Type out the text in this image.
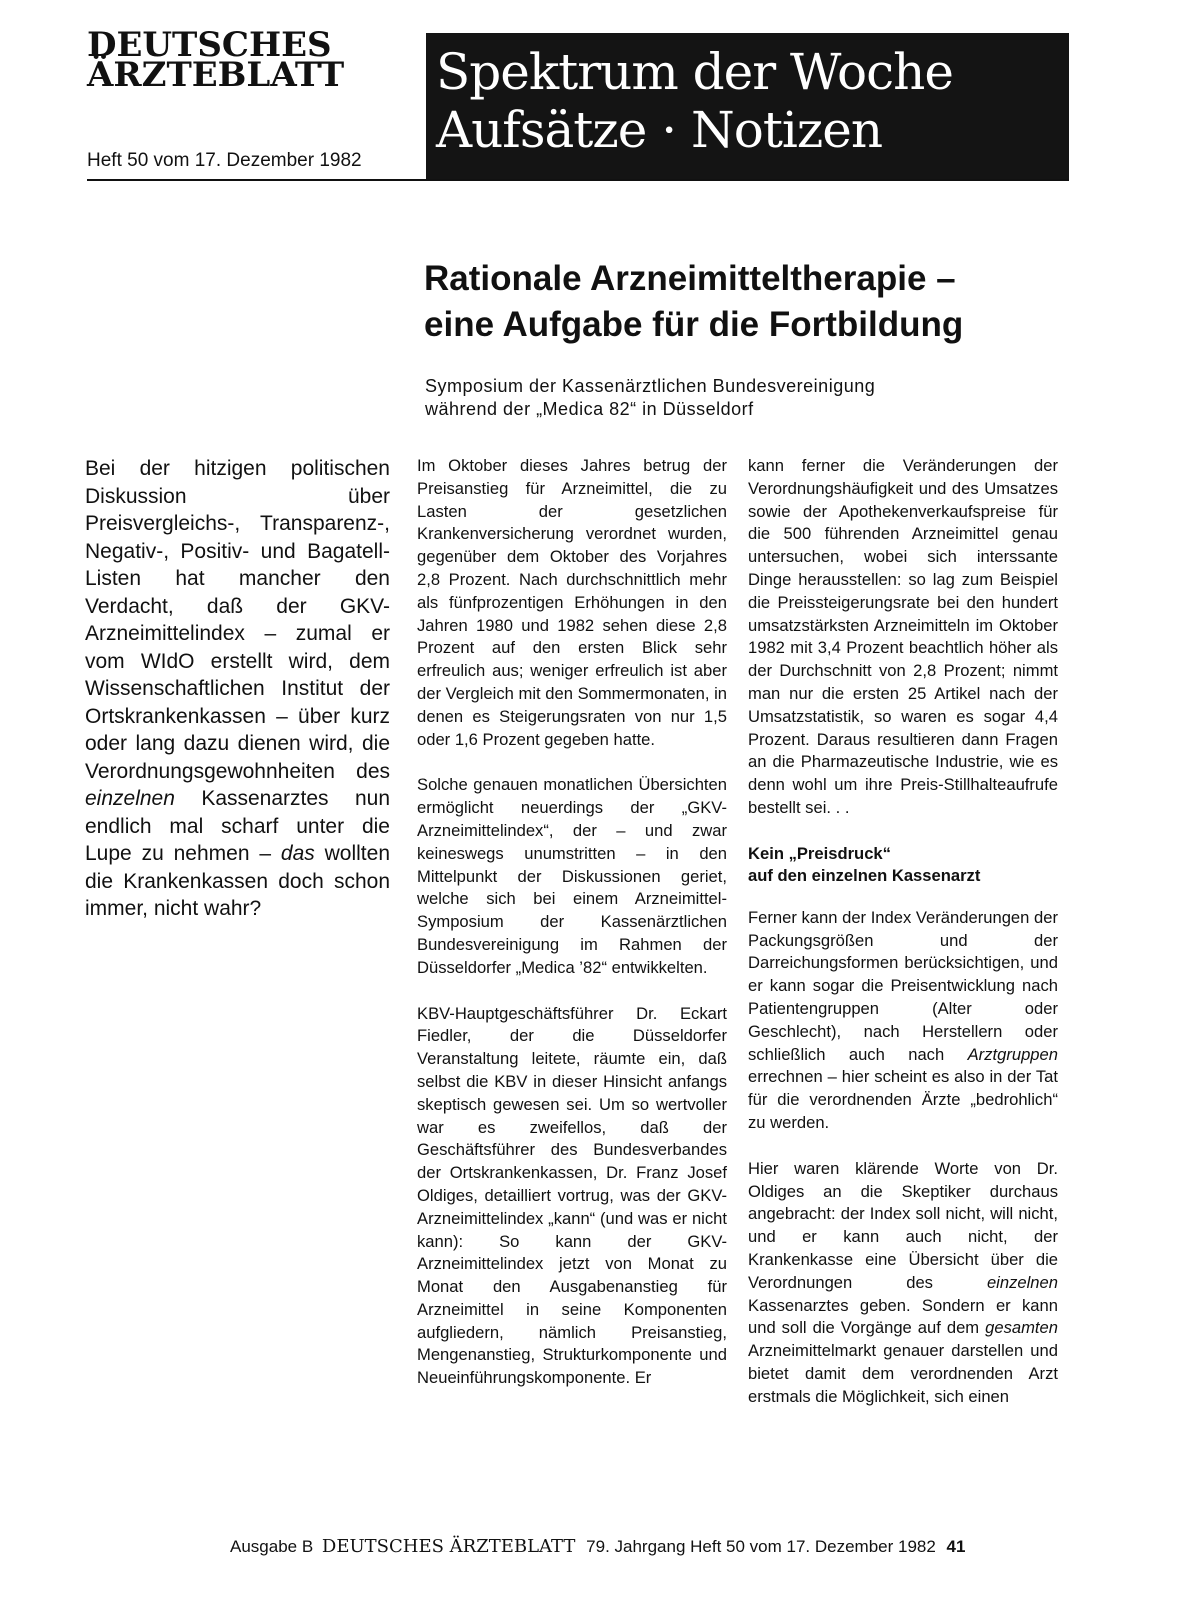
DEUTSCHES
ÄRZTEBLATT
Heft 50 vom 17. Dezember 1982
Spektrum der Woche
Aufsätze · Notizen
Rationale Arzneimitteltherapie –
eine Aufgabe für die Fortbildung
Symposium der Kassenärztlichen Bundesvereinigung
während der „Medica 82“ in Düsseldorf
Bei der hitzigen politischen Diskussion über Preisvergleichs-, Transparenz-, Negativ-, Positiv- und Bagatell-Listen hat mancher den Verdacht, daß der GKV-Arzneimittelindex – zumal er vom WIdO erstellt wird, dem Wissenschaftlichen Institut der Ortskrankenkassen – über kurz oder lang dazu dienen wird, die Verordnungsgewohnheiten des einzelnen Kassenarztes nun endlich mal scharf unter die Lupe zu nehmen – das wollten die Krankenkassen doch schon immer, nicht wahr?

Im Oktober dieses Jahres betrug der Preisanstieg für Arzneimittel, die zu Lasten der gesetzlichen Krankenversicherung verordnet wurden, gegenüber dem Oktober des Vorjahres 2,8 Prozent. Nach durchschnittlich mehr als fünfprozentigen Erhöhungen in den Jahren 1980 und 1982 sehen diese 2,8 Prozent auf den ersten Blick sehr erfreulich aus; weniger erfreulich ist aber der Vergleich mit den Sommermonaten, in denen es Steigerungsraten von nur 1,5 oder 1,6 Prozent gegeben hatte.

Solche genauen monatlichen Übersichten ermöglicht neuerdings der „GKV-Arzneimittelindex“, der – und zwar keineswegs unumstritten – in den Mittelpunkt der Diskussionen geriet, welche sich bei einem Arzneimittel-Symposium der Kassenärztlichen Bundesvereinigung im Rahmen der Düsseldorfer „Medica ’82“ entwikkelten.

KBV-Hauptgeschäftsführer Dr. Eckart Fiedler, der die Düsseldorfer Veranstaltung leitete, räumte ein, daß selbst die KBV in dieser Hinsicht anfangs skeptisch gewesen sei. Um so wertvoller war es zweifellos, daß der Geschäftsführer des Bundesverbandes der Ortskrankenkassen, Dr. Franz Josef Oldiges, detailliert vortrug, was der GKV-Arzneimittelindex „kann“ (und was er nicht kann): So kann der GKV-Arzneimittelindex jetzt von Monat zu Monat den Ausgabenanstieg für Arzneimittel in seine Komponenten aufgliedern, nämlich Preisanstieg, Mengenanstieg, Strukturkomponente und Neueinführungskomponente. Er

kann ferner die Veränderungen der Verordnungshäufigkeit und des Umsatzes sowie der Apothekenverkaufspreise für die 500 führenden Arzneimittel genau untersuchen, wobei sich interssante Dinge herausstellen: so lag zum Beispiel die Preissteigerungsrate bei den hundert umsatzstärksten Arzneimitteln im Oktober 1982 mit 3,4 Prozent beachtlich höher als der Durchschnitt von 2,8 Prozent; nimmt man nur die ersten 25 Artikel nach der Umsatzstatistik, so waren es sogar 4,4 Prozent. Daraus resultieren dann Fragen an die Pharmazeutische Industrie, wie es denn wohl um ihre Preis-Stillhalteaufrufe bestellt sei. . .

Kein „Preisdruck“
auf den einzelnen Kassenarzt

Ferner kann der Index Veränderungen der Packungsgrößen und der Darreichungsformen berücksichtigen, und er kann sogar die Preisentwicklung nach Patientengruppen (Alter oder Geschlecht), nach Herstellern oder schließlich auch nach Arztgruppen errechnen – hier scheint es also in der Tat für die verordnenden Ärzte „bedrohlich“ zu werden.

Hier waren klärende Worte von Dr. Oldiges an die Skeptiker durchaus angebracht: der Index soll nicht, will nicht, und er kann auch nicht, der Krankenkasse eine Übersicht über die Verordnungen des einzelnen Kassenarztes geben. Sondern er kann und soll die Vorgänge auf dem gesamten Arzneimittelmarkt genauer darstellen und bietet damit dem verordnenden Arzt erstmals die Möglichkeit, sich einen

Ausgabe B DEUTSCHES ÄRZTEBLATT 79. Jahrgang Heft 50 vom 17. Dezember 1982 41
